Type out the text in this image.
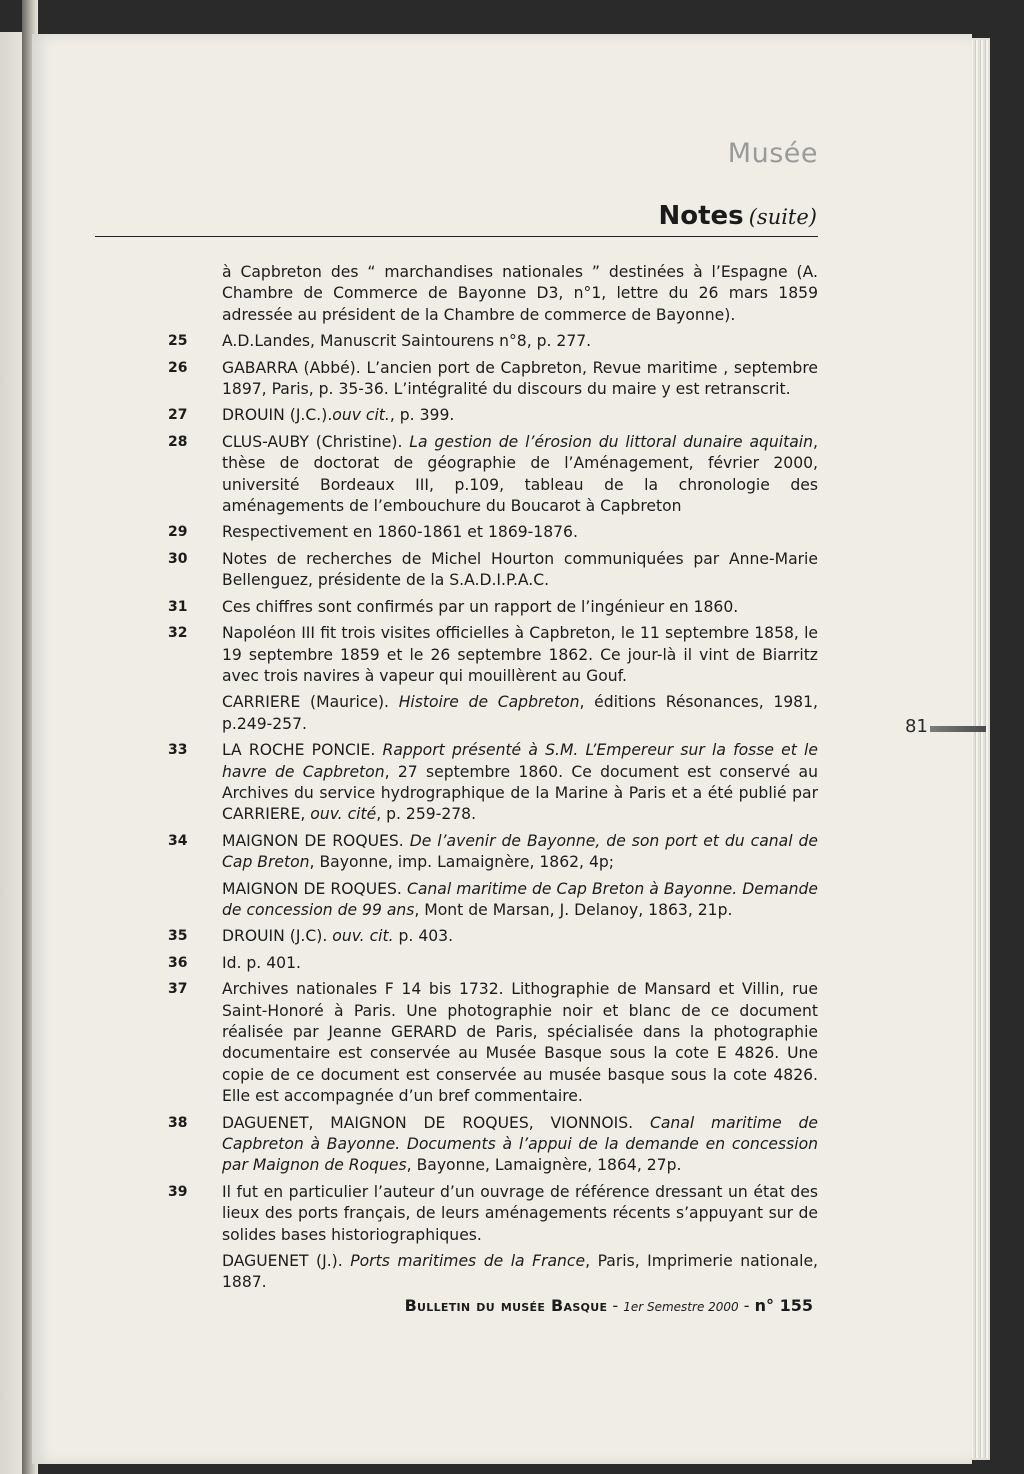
Musée
Notes (suite)
à Capbreton des “ marchandises nationales ” destinées à l’Espagne (A. Chambre de Commerce de Bayonne D3, n°1, lettre du 26 mars 1859 adressée au président de la Chambre de commerce de Bayonne).
25	A.D.Landes, Manuscrit Saintourens n°8, p. 277.
26	GABARRA (Abbé). L’ancien port de Capbreton, Revue maritime , septembre 1897, Paris, p. 35-36. L’intégralité du discours du maire y est retranscrit.
27	DROUIN (J.C.).ouv cit., p. 399.
28	CLUS-AUBY (Christine). La gestion de l’érosion du littoral dunaire aquitain, thèse de doctorat de géographie de l’Aménagement, février 2000, université Bordeaux III, p.109, tableau de la chronologie des aménagements de l’embouchure du Boucarot à Capbreton
29	Respectivement en 1860-1861 et 1869-1876.
30	Notes de recherches de Michel Hourton communiquées par Anne-Marie Bellenguez, présidente de la S.A.D.I.P.A.C.
31	Ces chiffres sont confirmés par un rapport de l’ingénieur en 1860.
32	Napoléon III fit trois visites officielles à Capbreton, le 11 septembre 1858, le 19 septembre 1859 et le 26 septembre 1862. Ce jour-là il vint de Biarritz avec trois navires à vapeur qui mouillèrent au Gouf.
CARRIERE (Maurice). Histoire de Capbreton, éditions Résonances, 1981, p.249-257.
33	LA ROCHE PONCIE. Rapport présenté à S.M. L’Empereur sur la fosse et le havre de Capbreton, 27 septembre 1860. Ce document est conservé au Archives du service hydrographique de la Marine à Paris et a été publié par CARRIERE, ouv. cité, p. 259-278.
34	MAIGNON DE ROQUES. De l’avenir de Bayonne, de son port et du canal de Cap Breton, Bayonne, imp. Lamaignère, 1862, 4p;
MAIGNON DE ROQUES. Canal maritime de Cap Breton à Bayonne. Demande de concession de 99 ans, Mont de Marsan, J. Delanoy, 1863, 21p.
35	DROUIN (J.C). ouv. cit. p. 403.
36	Id. p. 401.
37	Archives nationales F 14 bis 1732. Lithographie de Mansard et Villin, rue Saint-Honoré à Paris. Une photographie noir et blanc de ce document réalisée par Jeanne GERARD de Paris, spécialisée dans la photographie documentaire est conservée au Musée Basque sous la cote E 4826. Une copie de ce document est conservée au musée basque sous la cote 4826. Elle est accompagnée d’un bref commentaire.
38	DAGUENET, MAIGNON DE ROQUES, VIONNOIS. Canal maritime de Capbreton à Bayonne. Documents à l’appui de la demande en concession par Maignon de Roques, Bayonne, Lamaignère, 1864, 27p.
39	Il fut en particulier l’auteur d’un ouvrage de référence dressant un état des lieux des ports français, de leurs aménagements récents s’appuyant sur de solides bases historiographiques.
DAGUENET (J.). Ports maritimes de la France, Paris, Imprimerie nationale, 1887.
81
Bulletin du musée Basque - 1er Semestre 2000 - n° 155
